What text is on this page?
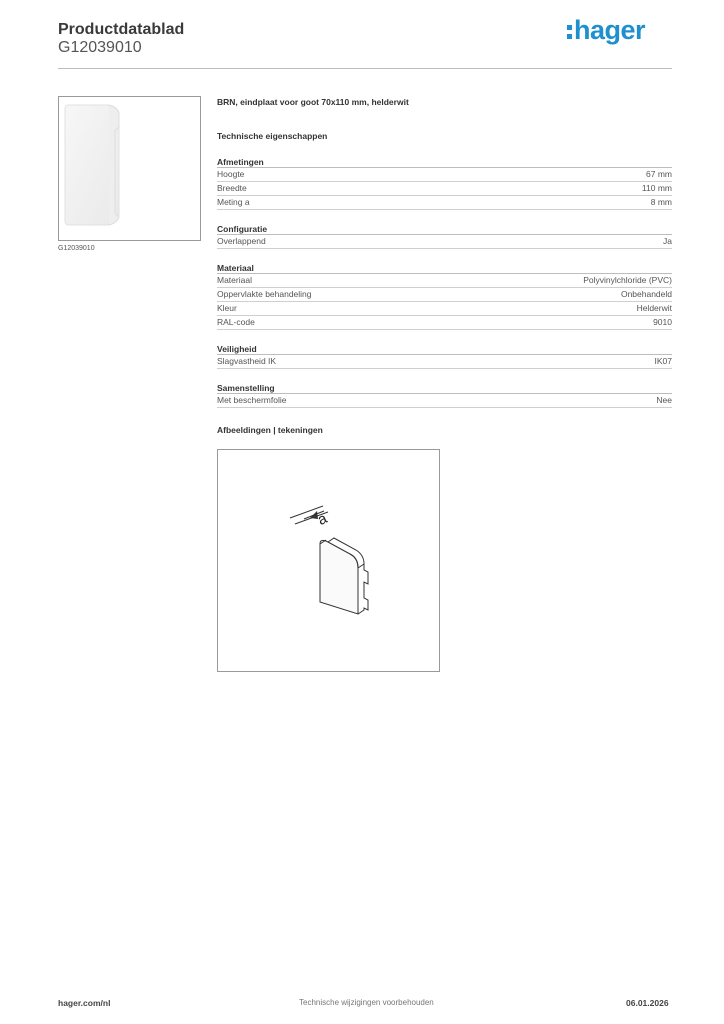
Productdatablad
G12039010
hager
G12039010
BRN, eindplaat voor goot 70x110 mm, helderwit
Technische eigenschappen
Afmetingen
Hoogte	67 mm
Breedte	110 mm
Meting a	8 mm
Configuratie
Overlappend	Ja
Materiaal
Materiaal	Polyvinylchloride (PVC)
Oppervlakte behandeling	Onbehandeld
Kleur	Helderwit
RAL-code	9010
Veiligheid
Slagvastheid IK	IK07
Samenstelling
Met beschermfolie	Nee
Afbeeldingen | tekeningen
a
hager.com/nl	Technische wijzigingen voorbehouden	06.01.2026
